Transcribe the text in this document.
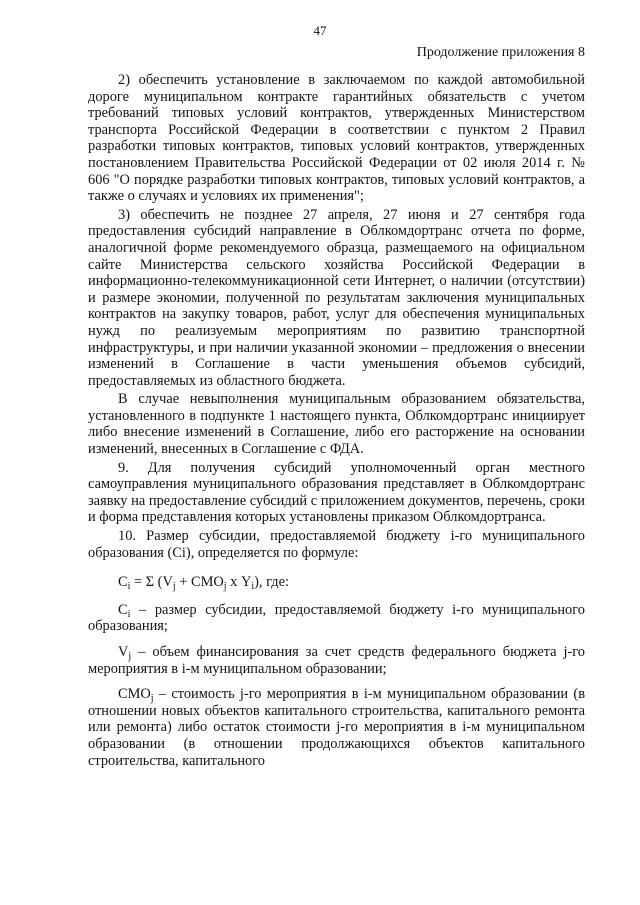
47
Продолжение приложения 8

2) обеспечить установление в заключаемом по каждой автомобильной дороге муниципальном контракте гарантийных обязательств с учетом требований типовых условий контрактов, утвержденных Министерством транспорта Российской Федерации в соответствии с пунктом 2 Правил разработки типовых контрактов, типовых условий контрактов, утвержденных постановлением Правительства Российской Федерации от 02 июля 2014 г. № 606 "О порядке разработки типовых контрактов, типовых условий контрактов, а также о случаях и условиях их применения";

3) обеспечить не позднее 27 апреля, 27 июня и 27 сентября года предоставления субсидий направление в Облкомдортранс отчета по форме, аналогичной форме рекомендуемого образца, размещаемого на официальном сайте Министерства сельского хозяйства Российской Федерации в информационно-телекоммуникационной сети Интернет, о наличии (отсутствии) и размере экономии, полученной по результатам заключения муниципальных контрактов на закупку товаров, работ, услуг для обеспечения муниципальных нужд по реализуемым мероприятиям по развитию транспортной инфраструктуры, и при наличии указанной экономии – предложения о внесении изменений в Соглашение в части уменьшения объемов субсидий, предоставляемых из областного бюджета.

В случае невыполнения муниципальным образованием обязательства, установленного в подпункте 1 настоящего пункта, Облкомдортранс инициирует либо внесение изменений в Соглашение, либо его расторжение на основании изменений, внесенных в Соглашение с ФДА.

9. Для получения субсидий уполномоченный орган местного самоуправления муниципального образования представляет в Облкомдортранс заявку на предоставление субсидий с приложением документов, перечень, сроки и форма представления которых установлены приказом Облкомдортранса.

10. Размер субсидии, предоставляемой бюджету i-го муниципального образования (Ci), определяется по формуле:

$C_i = \Sigma$ ($V_j + СМО_j$ х $Y_i$), где:

$C_i$ – размер субсидии, предоставляемой бюджету i-го муниципального образования;

$V_j$ – объем финансирования за счет средств федерального бюджета j-го мероприятия в i-м муниципальном образовании;

$СМО_j$ – стоимость j-го мероприятия в i-м муниципальном образовании (в отношении новых объектов капитального строительства, капитального ремонта или ремонта) либо остаток стоимости j-го мероприятия в i-м муниципальном образовании (в отношении продолжающихся объектов капитального строительства, капитального
